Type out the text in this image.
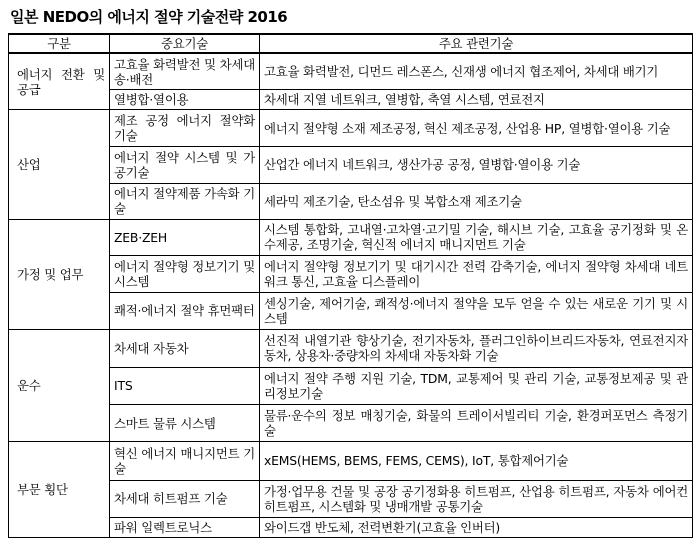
일본 NEDO의 에너지 절약 기술전략 2016
구분	중요기술	주요 관련기술
에너지 전환 및 공급	고효율 화력발전 및 차세대 송·배전	고효율 화력발전, 디먼드 레스폰스, 신재생 에너지 협조제어, 차세대 배기기
	열병합·열이용	차세대 지열 네트워크, 열병합, 축열 시스템, 연료전지
산업	제조 공정 에너지 절약화 기술	에너지 절약형 소재 제조공정, 혁신 제조공정, 산업용 HP, 열병합·열이용 기술
	에너지 절약 시스템 및 가공기술	산업간 에너지 네트워크, 생산가공 공정, 열병합·열이용 기술
	에너지 절약제품 가속화 기술	세라믹 제조기술, 탄소섬유 및 복합소재 제조기술
가정 및 업무	ZEB·ZEH	시스템 통합화, 고내열·고차열·고기밀 기술, 해시브 기술, 고효율 공기정화 및 온수제공, 조명기술, 혁신적 에너지 매니지먼트 기술
	에너지 절약형 정보기기 및 시스템	에너지 절약형 정보기기 및 대기시간 전력 감축기술, 에너지 절약형 차세대 네트워크 통신, 고효율 디스플레이
	쾌적·에너지 절약 휴먼팩터	센싱기술, 제어기술, 쾌적성·에너지 절약을 모두 얻을 수 있는 새로운 기기 및 시스템
운수	차세대 자동차	선진적 내열기관 향상기술, 전기자동차, 플러그인하이브리드자동차, 연료전지자동차, 상용차·중량차의 차세대 자동차화 기술
	ITS	에너지 절약 주행 지원 기술, TDM, 교통제어 및 관리 기술, 교통정보제공 및 관리정보기술
	스마트 물류 시스템	물류·운수의 정보 매칭기술, 화물의 트레이서빌리티 기술, 환경퍼포먼스 측정기술
부문 횡단	혁신 에너지 매니지먼트 기술	xEMS(HEMS, BEMS, FEMS, CEMS), IoT, 통합제어기술
	차세대 히트펌프 기술	가정·업무용 건물 및 공장 공기정화용 히트펌프, 산업용 히트펌프, 자동차 에어컨 히트펌프, 시스템화 및 냉매개발 공통기술
	파워 일렉트로닉스	와이드갭 반도체, 전력변환기(고효율 인버터)
